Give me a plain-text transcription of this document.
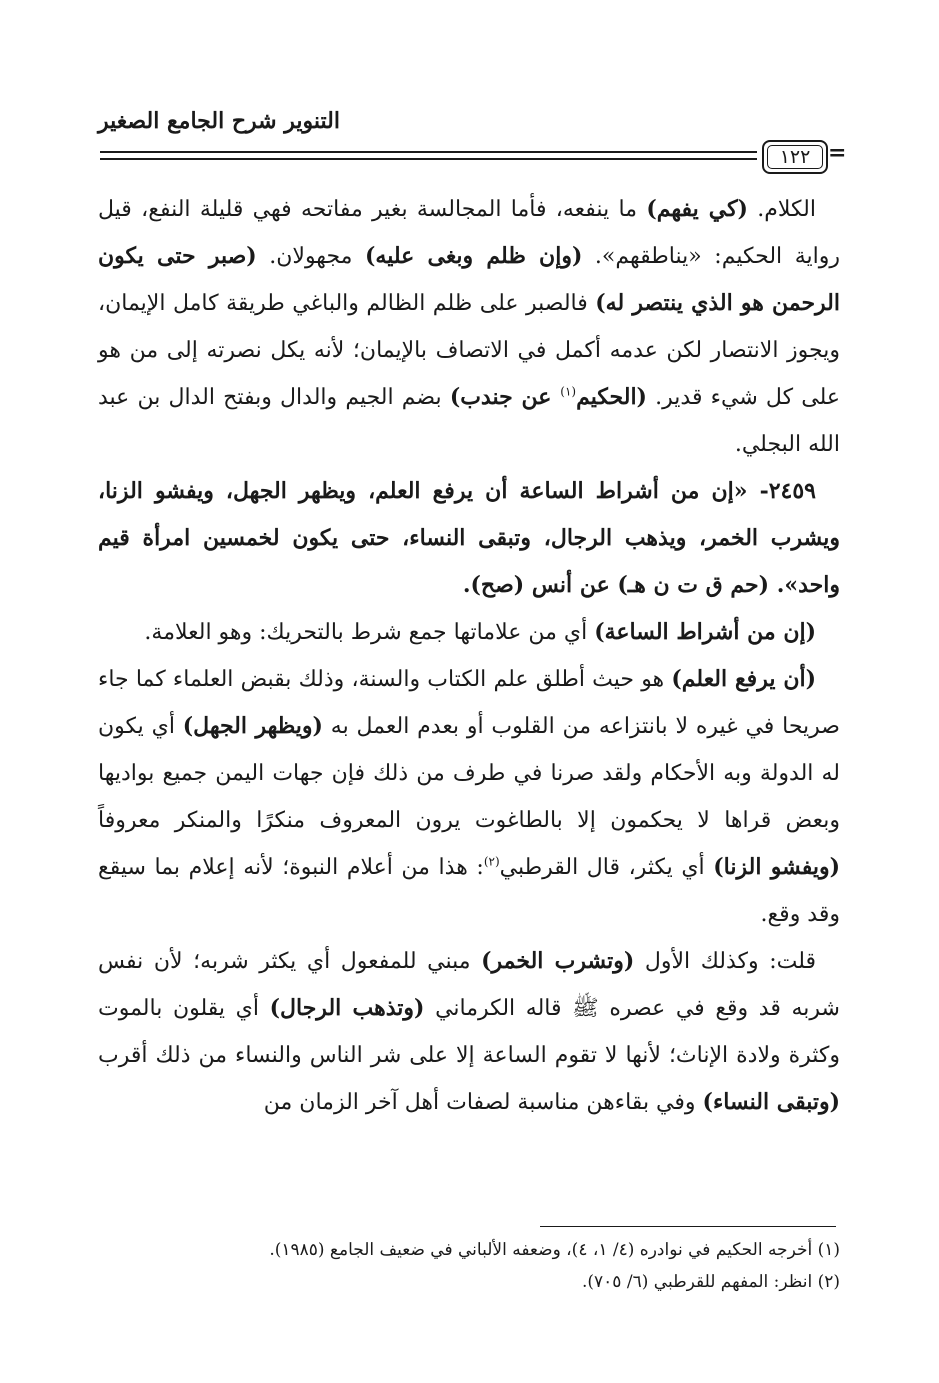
التنوير شرح الجامع الصغير
١٢٢ =

الكلام. (كي يفهم) ما ينفعه، فأما المجالسة بغير مفاتحه فهي قليلة النفع، قيل رواية الحكيم: «يناطقهم». (وإن ظلم وبغى عليه) مجهولان. (صبر حتى يكون الرحمن هو الذي ينتصر له) فالصبر على ظلم الظالم والباغي طريقة كامل الإيمان، ويجوز الانتصار لكن عدمه أكمل في الاتصاف بالإيمان؛ لأنه يكل نصرته إلى من هو على كل شيء قدير. (الحكيم$^{(١)}$ عن جندب) بضم الجيم والدال وبفتح الدال بن عبد الله البجلي.

٢٤٥٩- «إن من أشراط الساعة أن يرفع العلم، ويظهر الجهل، ويفشو الزنا، ويشرب الخمر، ويذهب الرجال، وتبقى النساء، حتى يكون لخمسين امرأة قيم واحد». (حم ق ت ن هـ) عن أنس (صح).

(إن من أشراط الساعة) أي من علاماتها جمع شرط بالتحريك: وهو العلامة.

(أن يرفع العلم) هو حيث أطلق علم الكتاب والسنة، وذلك بقبض العلماء كما جاء صريحا في غيره لا بانتزاعه من القلوب أو بعدم العمل به (ويظهر الجهل) أي يكون له الدولة وبه الأحكام ولقد صرنا في طرف من ذلك فإن جهات اليمن جميع بواديها وبعض قراها لا يحكمون إلا بالطاغوت يرون المعروف منكرًا والمنكر معروفاً (ويفشو الزنا) أي يكثر، قال القرطبي$^{(٢)}$: هذا من أعلام النبوة؛ لأنه إعلام بما سيقع وقد وقع.

قلت: وكذلك الأول (وتشرب الخمر) مبني للمفعول أي يكثر شربه؛ لأن نفس شربه قد وقع في عصره ﷺ قاله الكرماني (وتذهب الرجال) أي يقلون بالموت وكثرة ولادة الإناث؛ لأنها لا تقوم الساعة إلا على شر الناس والنساء من ذلك أقرب (وتبقى النساء) وفي بقاءهن مناسبة لصفات أهل آخر الزمان من

(١) أخرجه الحكيم في نوادره (٤/ ١، ٤)، وضعفه الألباني في ضعيف الجامع (١٩٨٥).

(٢) انظر: المفهم للقرطبي (٦/ ٧٠٥).
